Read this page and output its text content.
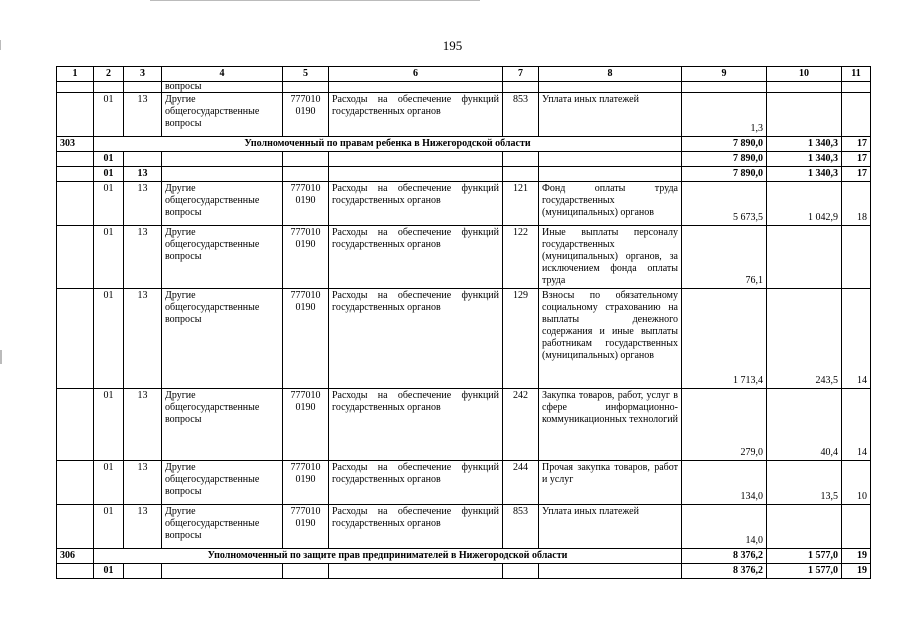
195
1	2	3	4	5	6	7	8	9	10	11
			вопросы							
	01	13	Другие общегосударственные вопросы	777010 0190	Расходы на обеспечение функций государственных органов	853	Уплата иных платежей	1,3		
303	Уполномоченный по правам ребенка в Нижегородской области							7 890,0	1 340,3	17
	01							7 890,0	1 340,3	17
	01	13						7 890,0	1 340,3	17
	01	13	Другие общегосударственные вопросы	777010 0190	Расходы на обеспечение функций государственных органов	121	Фонд оплаты труда государственных (муниципальных) органов	5 673,5	1 042,9	18
	01	13	Другие общегосударственные вопросы	777010 0190	Расходы на обеспечение функций государственных органов	122	Иные выплаты персоналу государственных (муниципальных) органов, за исключением фонда оплаты труда	76,1		
	01	13	Другие общегосударственные вопросы	777010 0190	Расходы на обеспечение функций государственных органов	129	Взносы по обязательному социальному страхованию на выплаты денежного содержания и иные выплаты работникам государственных (муниципальных) органов	1 713,4	243,5	14
	01	13	Другие общегосударственные вопросы	777010 0190	Расходы на обеспечение функций государственных органов	242	Закупка товаров, работ, услуг в сфере информационно-коммуникационных технологий	279,0	40,4	14
	01	13	Другие общегосударственные вопросы	777010 0190	Расходы на обеспечение функций государственных органов	244	Прочая закупка товаров, работ и услуг	134,0	13,5	10
	01	13	Другие общегосударственные вопросы	777010 0190	Расходы на обеспечение функций государственных органов	853	Уплата иных платежей	14,0		
306	Уполномоченный по защите прав предпринимателей в Нижегородской области							8 376,2	1 577,0	19
	01							8 376,2	1 577,0	19
